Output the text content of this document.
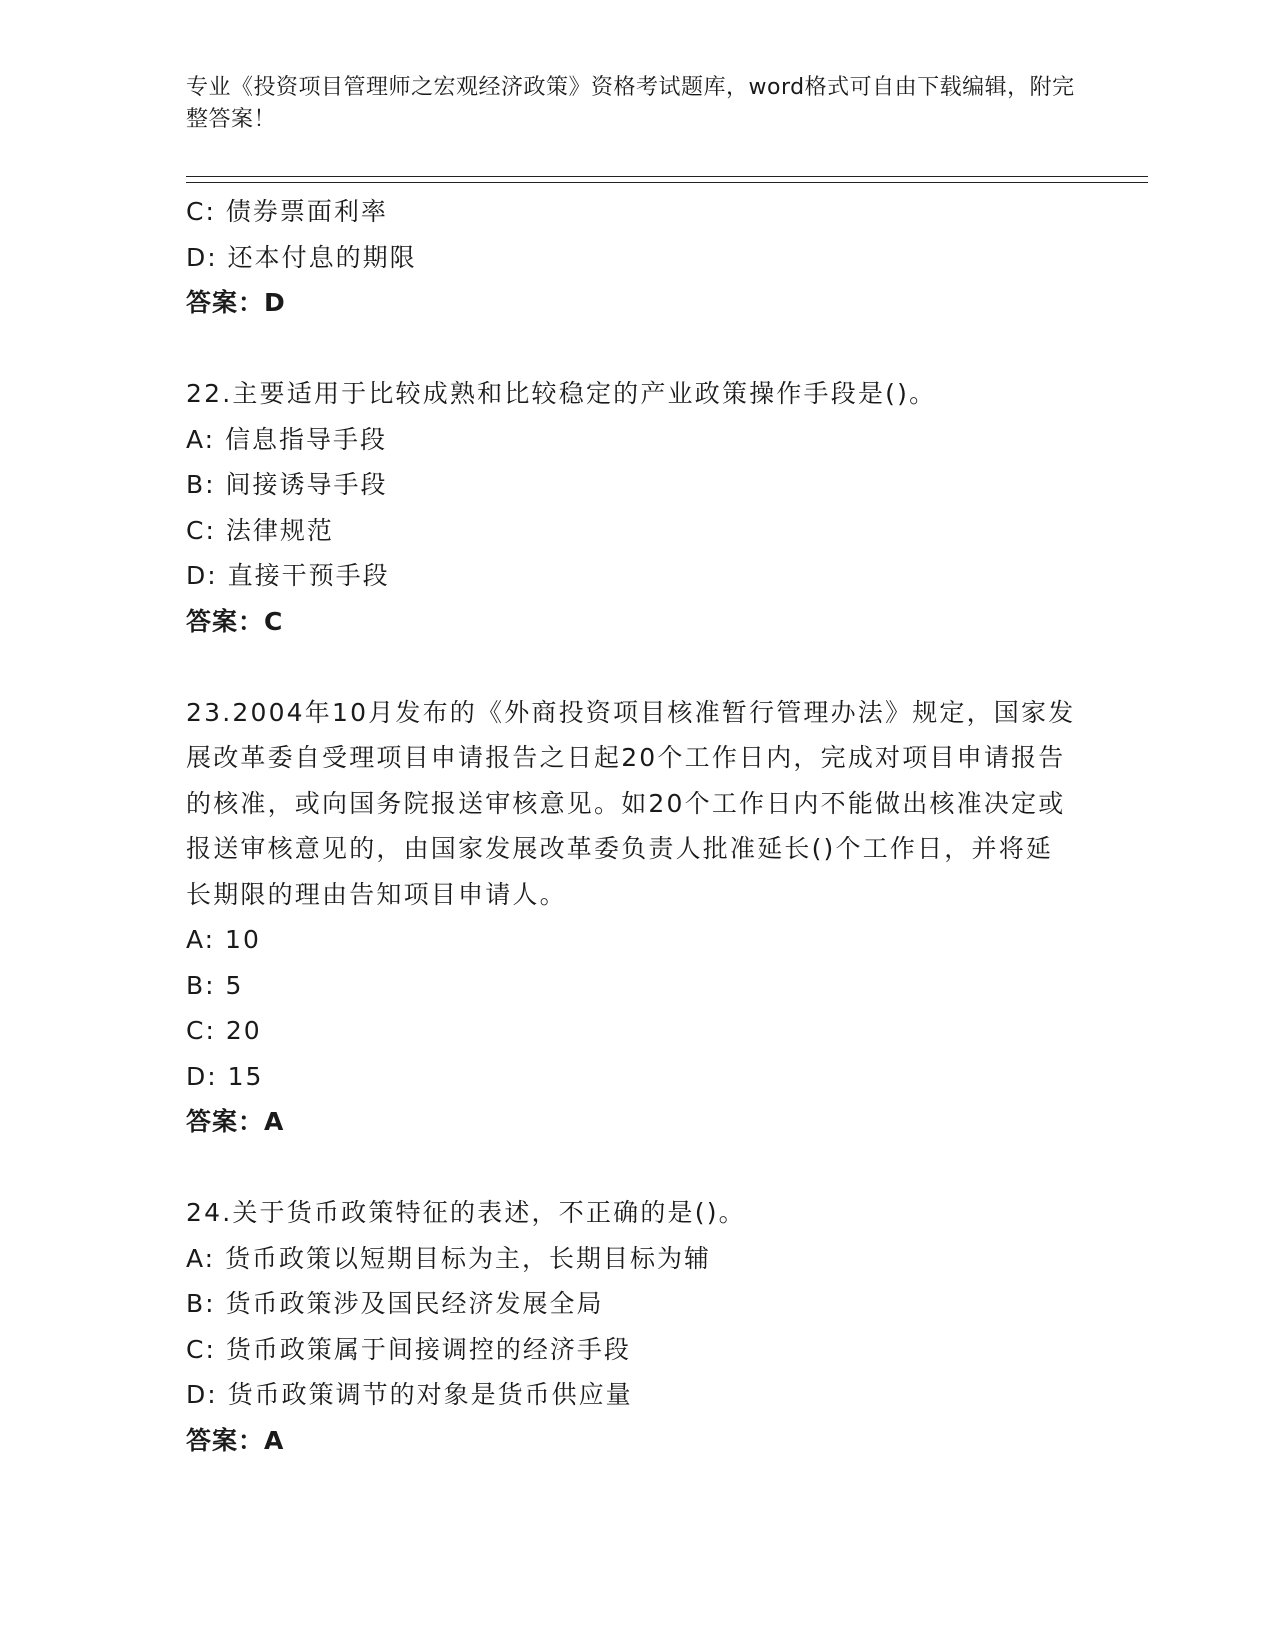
专业《投资项目管理师之宏观经济政策》资格考试题库，word格式可自由下载编辑，附完整答案！
C: 债券票面利率
D: 还本付息的期限
答案：D
22.主要适用于比较成熟和比较稳定的产业政策操作手段是()。
A: 信息指导手段
B: 间接诱导手段
C: 法律规范
D: 直接干预手段
答案：C
23.2004年10月发布的《外商投资项目核准暂行管理办法》规定，国家发展改革委自受理项目申请报告之日起20个工作日内，完成对项目申请报告的核准，或向国务院报送审核意见。如20个工作日内不能做出核准决定或报送审核意见的，由国家发展改革委负责人批准延长()个工作日，并将延长期限的理由告知项目申请人。
A: 10
B: 5
C: 20
D: 15
答案：A
24.关于货币政策特征的表述，不正确的是()。
A: 货币政策以短期目标为主，长期目标为辅
B: 货币政策涉及国民经济发展全局
C: 货币政策属于间接调控的经济手段
D: 货币政策调节的对象是货币供应量
答案：A
